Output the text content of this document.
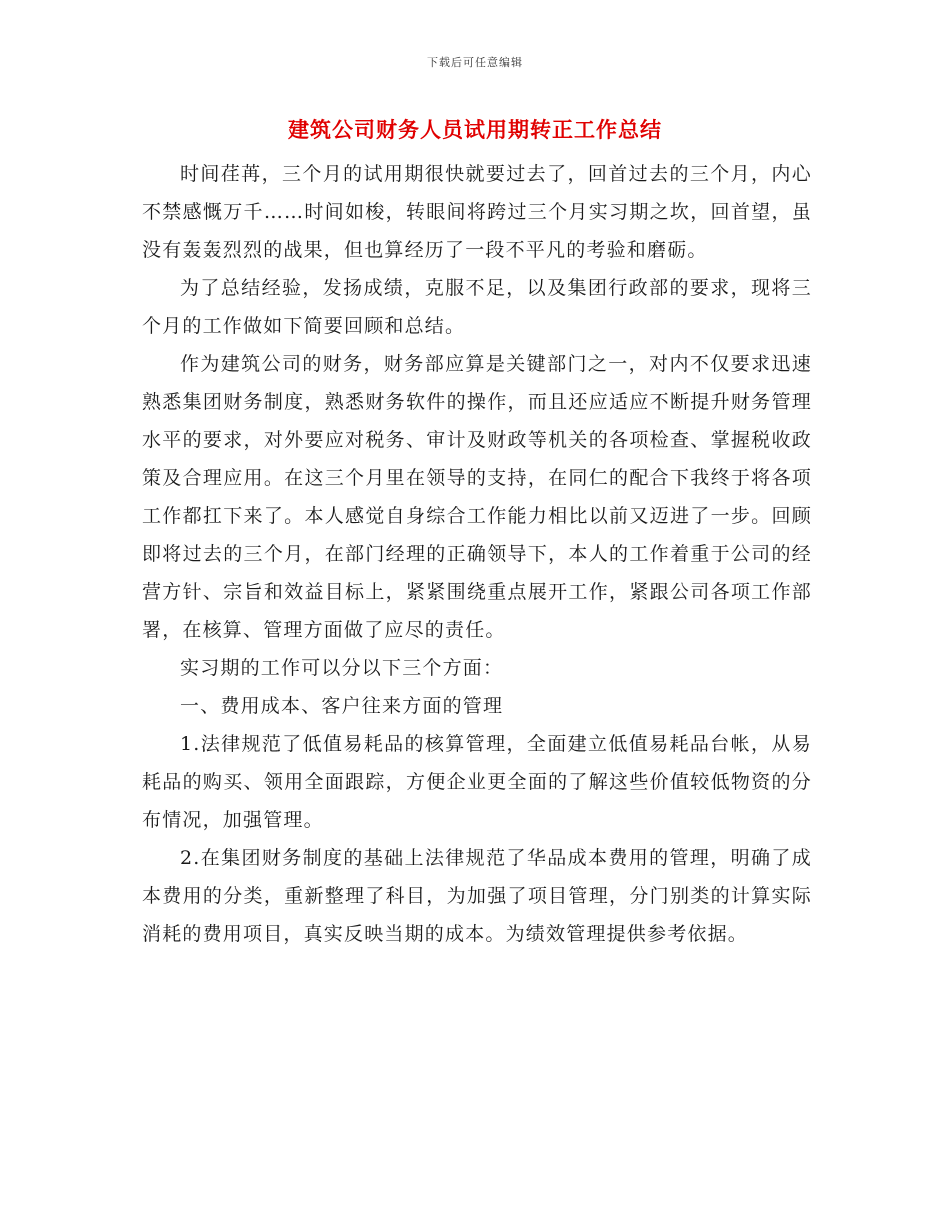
下载后可任意编辑
建筑公司财务人员试用期转正工作总结

时间荏苒，三个月的试用期很快就要过去了，回首过去的三个月，内心不禁感慨万千……时间如梭，转眼间将跨过三个月实习期之坎，回首望，虽没有轰轰烈烈的战果，但也算经历了一段不平凡的考验和磨砺。

为了总结经验，发扬成绩，克服不足，以及集团行政部的要求，现将三个月的工作做如下简要回顾和总结。

作为建筑公司的财务，财务部应算是关键部门之一，对内不仅要求迅速熟悉集团财务制度，熟悉财务软件的操作，而且还应适应不断提升财务管理水平的要求，对外要应对税务、审计及财政等机关的各项检查、掌握税收政策及合理应用。在这三个月里在领导的支持，在同仁的配合下我终于将各项工作都扛下来了。本人感觉自身综合工作能力相比以前又迈进了一步。回顾即将过去的三个月，在部门经理的正确领导下，本人的工作着重于公司的经营方针、宗旨和效益目标上，紧紧围绕重点展开工作，紧跟公司各项工作部署，在核算、管理方面做了应尽的责任。

实习期的工作可以分以下三个方面：

一、费用成本、客户往来方面的管理

1.法律规范了低值易耗品的核算管理，全面建立低值易耗品台帐，从易耗品的购买、领用全面跟踪，方便企业更全面的了解这些价值较低物资的分布情况，加强管理。

2.在集团财务制度的基础上法律规范了华品成本费用的管理，明确了成本费用的分类，重新整理了科目，为加强了项目管理，分门别类的计算实际消耗的费用项目，真实反映当期的成本。为绩效管理提供参考依据。
